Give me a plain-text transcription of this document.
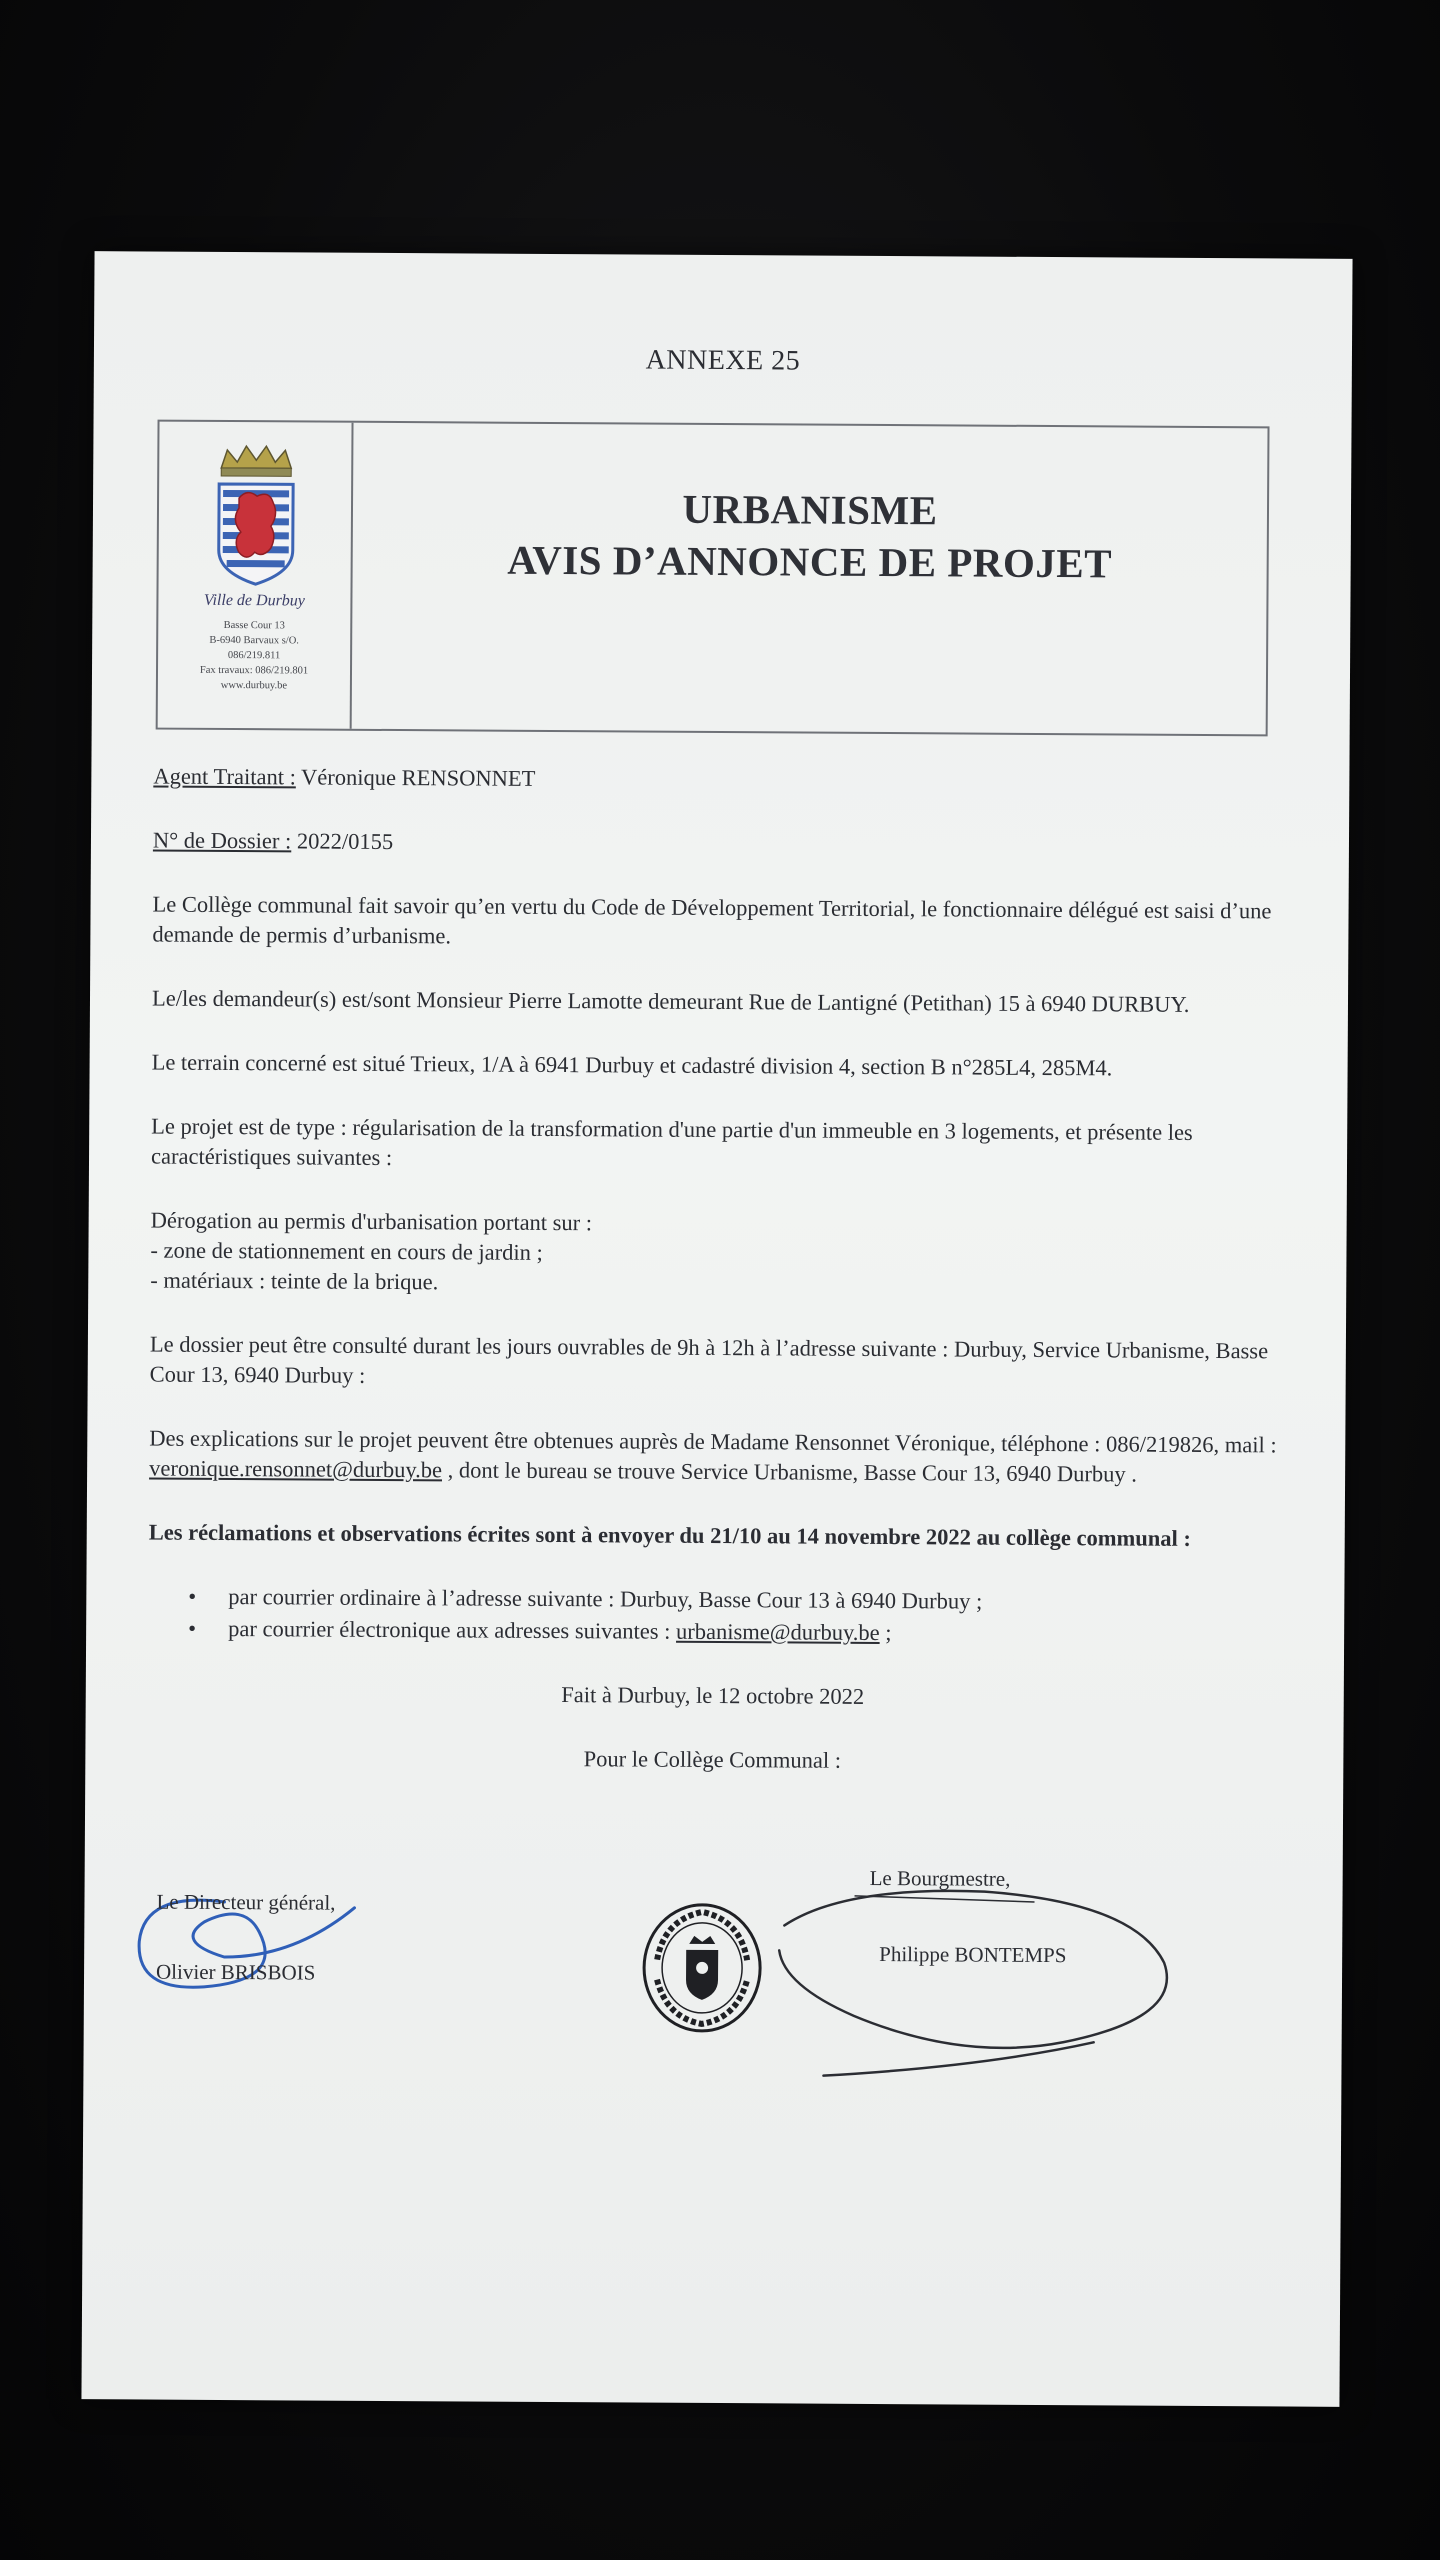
ANNEXE 25
Ville de Durbuy
Basse Cour 13
B-6940 Barvaux s/O.
086/219.811
Fax travaux: 086/219.801
www.durbuy.be
URBANISME
AVIS D’ANNONCE DE PROJET

Agent Traitant : Véronique RENSONNET

N° de Dossier : 2022/0155

Le Collège communal fait savoir qu’en vertu du Code de Développement Territorial, le fonctionnaire délégué est saisi d’une demande de permis d’urbanisme.

Le/les demandeur(s) est/sont Monsieur Pierre Lamotte demeurant Rue de Lantigné (Petithan) 15 à 6940 DURBUY.

Le terrain concerné est situé Trieux, 1/A à 6941 Durbuy et cadastré division 4, section B n°285L4, 285M4.

Le projet est de type : régularisation de la transformation d'une partie d'un immeuble en 3 logements, et présente les caractéristiques suivantes :

Dérogation au permis d'urbanisation portant sur :
- zone de stationnement en cours de jardin ;
- matériaux : teinte de la brique.

Le dossier peut être consulté durant les jours ouvrables de 9h à 12h à l’adresse suivante : Durbuy, Service Urbanisme, Basse Cour 13, 6940 Durbuy :

Des explications sur le projet peuvent être obtenues auprès de Madame Rensonnet Véronique, téléphone : 086/219826, mail : veronique.rensonnet@durbuy.be , dont le bureau se trouve Service Urbanisme, Basse Cour 13, 6940 Durbuy .

Les réclamations et observations écrites sont à envoyer du 21/10 au 14 novembre 2022 au collège communal :

• par courrier ordinaire à l’adresse suivante : Durbuy, Basse Cour 13 à 6940 Durbuy ;
• par courrier électronique aux adresses suivantes : urbanisme@durbuy.be ;

Fait à Durbuy, le 12 octobre 2022

Pour le Collège Communal :

Le Directeur général,
Olivier BRISBOIS
Le Bourgmestre,
Philippe BONTEMPS
